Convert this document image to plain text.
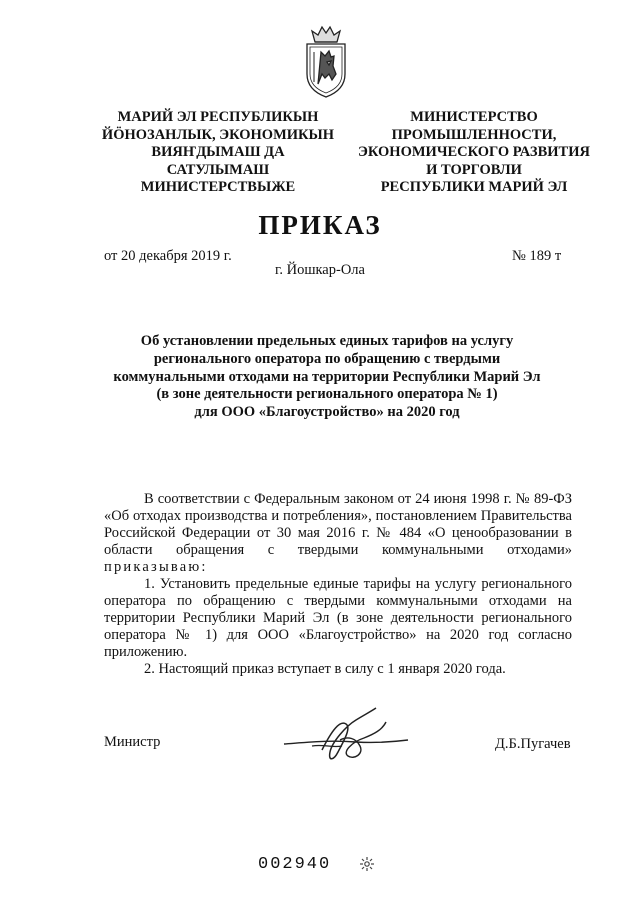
МАРИЙ ЭЛ РЕСПУБЛИКЫН
ЙӦНОЗАНЛЫК, ЭКОНОМИКЫН
ВИЯҤДЫМАШ ДА
САТУЛЫМАШ
МИНИСТЕРСТВЫЖЕ
МИНИСТЕРСТВО
ПРОМЫШЛЕННОСТИ,
ЭКОНОМИЧЕСКОГО РАЗВИТИЯ
И ТОРГОВЛИ
РЕСПУБЛИКИ МАРИЙ ЭЛ
ПРИКАЗ
от 20 декабря 2019 г.	№ 189 т
г. Йошкар-Ола
Об установлении предельных единых тарифов на услугу
регионального оператора по обращению с твердыми
коммунальными отходами на территории Республики Марий Эл
(в зоне деятельности регионального оператора № 1)
для ООО «Благоустройство» на 2020 год

В соответствии с Федеральным законом от 24 июня 1998 г. № 89-ФЗ «Об отходах производства и потребления», постановлением Правительства Российской Федерации от 30 мая 2016 г. № 484 «О ценообразовании в области обращения с твердыми коммунальными отходами» приказываю:

1. Установить предельные единые тарифы на услугу регионального оператора по обращению с твердыми коммунальными отходами на территории Республики Марий Эл (в зоне деятельности регионального оператора № 1) для ООО «Благоустройство» на 2020 год согласно приложению.

2. Настоящий приказ вступает в силу с 1 января 2020 года.

Министр	Д.Б.Пугачев
002940
